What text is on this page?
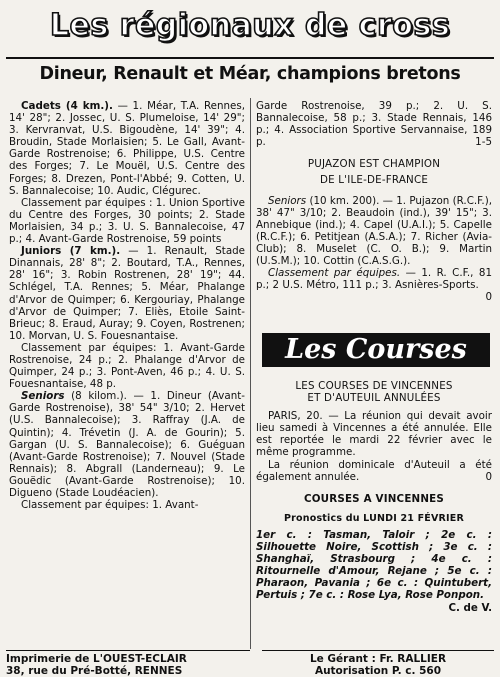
Les régionaux de cross
Dineur, Renault et Méar, champions bretons

Cadets (4 km.). — 1. Méar, T.A. Rennes, 14' 28"; 2. Jossec, U. S. Plumeloise, 14' 29"; 3. Kervranvat, U.S. Bigoudène, 14' 39"; 4. Broudin, Stade Morlaisien; 5. Le Gall, Avant-Garde Rostrenoise; 6. Philippe, U.S. Centre des Forges; 7. Le Mouël, U.S. Centre des Forges; 8. Drezen, Pont-l'Abbé; 9. Cotten, U. S. Bannalecoise; 10. Audic, Clégurec.

Classement par équipes : 1. Union Sportive du Centre des Forges, 30 points; 2. Stade Morlaisien, 34 p.; 3. U. S. Bannalecoise, 47 p.; 4. Avant-Garde Rostrenoise, 59 points

Juniors (7 km.). — 1. Renault, Stade Dinannais, 28' 8"; 2. Boutard, T.A., Rennes, 28' 16"; 3. Robin Rostrenen, 28' 19"; 44. Schlégel, T.A. Rennes; 5. Méar, Phalange d'Arvor de Quimper; 6. Kergouriay, Phalange d'Arvor de Quimper; 7. Eliès, Etoile Saint-Brieuc; 8. Eraud, Auray; 9. Coyen, Rostrenen; 10. Morvan, U. S. Fouesnantaise.

Classement par équipes: 1. Avant-Garde Rostrenoise, 24 p.; 2. Phalange d'Arvor de Quimper, 24 p.; 3. Pont-Aven, 46 p.; 4. U. S. Fouesnantaise, 48 p.

Seniors (8 kilom.). — 1. Dineur (Avant-Garde Rostrenoise), 38' 54" 3/10; 2. Hervet (U.S. Bannalecoise); 3. Raffray (J.A. de Quintin); 4. Trévetin (J. A. de Gourin); 5. Gargan (U. S. Bannalecoise); 6. Guéguan (Avant-Garde Rostrenoise); 7. Nouvel (Stade Rennais); 8. Abgrall (Landerneau); 9. Le Gouëdic (Avant-Garde Rostrenoise); 10. Digueno (Stade Loudéacien).

Classement par équipes: 1. Avant-

Garde Rostrenoise, 39 p.; 2. U. S. Bannalecoise, 58 p.; 3. Stade Rennais, 146 p.; 4. Association Sportive Servannaise, 189 p.	1-5

PUJAZON EST CHAMPION

DE L'ILE-DE-FRANCE

Seniors (10 km. 200). — 1. Pujazon (R.C.F.), 38' 47" 3/10; 2. Beaudoin (ind.), 39' 15"; 3. Annebique (ind.); 4. Capel (U.A.I.); 5. Capelle (R.C.F.); 6. Petitjean (A.S.A.); 7. Richer (Avia-Club); 8. Muselet (C. O. B.); 9. Martin (U.S.M.); 10. Cottin (C.A.S.G.).

Classement par équipes. — 1. R. C.F., 81 p.; 2 U.S. Métro, 111 p.; 3. Asnières-Sports.
0

Les Courses

LES COURSES DE VINCENNES

ET D'AUTEUIL ANNULÉES

PARIS, 20. — La réunion qui devait avoir lieu samedi à Vincennes a été annulée. Elle est reportée le mardi 22 février avec le même programme.

La réunion dominicale d'Auteuil a été également annulée.	0

COURSES A VINCENNES

Pronostics du LUNDI 21 FÉVRIER

1er c. : Tasman, Taloir ; 2e c. : Silhouette Noire, Scottish ; 3e c. : Shanghaï, Strasbourg ; 4e c. : Ritournelle d'Amour, Rejane ; 5e c. : Pharaon, Pavania ; 6e c. : Quintubert, Pertuis ; 7e c. : Rose Lya, Rose Ponpon.

C. de V.

Imprimerie de L'OUEST-ECLAIR
38, rue du Pré-Botté, RENNES
Le Gérant : Fr. RALLIER
Autorisation P. c. 560
